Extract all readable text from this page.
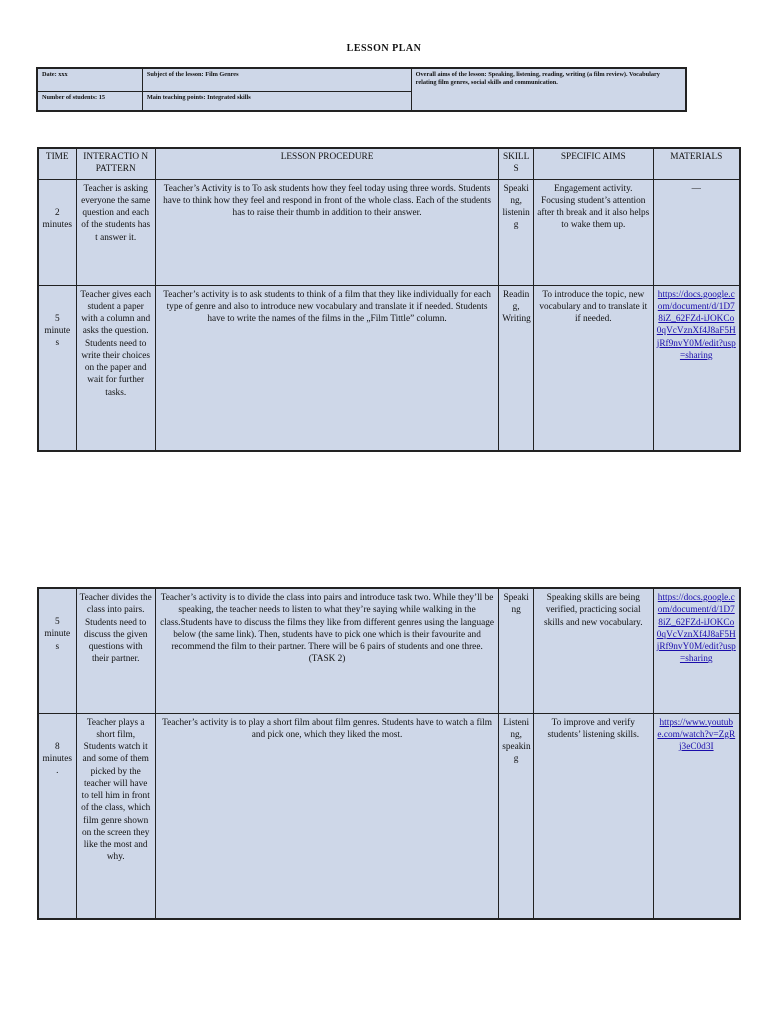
LESSON PLAN
Date: xxx	Subject of the lesson: Film Genres	Overall aims of the lesson: Speaking, listening, reading, writing (a film review). Vocabulary relating film genres, social skills and communication.
Number of students: 15	Main teaching points: Integrated skills	
TIME	INTERACTIO N PATTERN	LESSON PROCEDURE	SKILL S	SPECIFIC AIMS	MATERIALS
2 minutes	Teacher is asking everyone the same question and each of the students has t answer it.	Teacher’s Activity is to To ask students how they feel today using three words. Students have to think how they feel and respond in front of the whole class. Each of the students has to raise their thumb in addition to their answer.	Speaki ng, listenin g	Engagement activity. Focusing student’s attention after th break and it also helps to wake them up.	—
5 minute s	Teacher gives each student a paper with a column and asks the question. Students need to write their choices on the paper and wait for further tasks.	Teacher’s activity is to ask students to think of a film that they like individually for each type of genre and also to introduce new vocabulary and translate it if needed. Students have to write the names of the films in the „Film Tittle” column.	Readin g, Writing	To introduce the topic, new vocabulary and to translate it if needed.	https://docs.google.com/document/d/1D78iZ_62FZd-iJOKCo0qVcVznXf4J8aF5HjRf9nvY0M/edit?usp=sharing
5 minute s	Teacher divides the class into pairs. Students need to discuss the given questions with their partner.	Teacher’s activity is to divide the class into pairs and introduce task two. While they’ll be speaking, the teacher needs to listen to what they’re saying while walking in the class.Students have to discuss the films they like from different genres using the language below (the same link). Then, students have to pick one which is their favourite and recommend the film to their partner. There will be 6 pairs of students and one three. (TASK 2)	Speaki ng	Speaking skills are being verified, practicing social skills and new vocabulary.	https://docs.google.com/document/d/1D78iZ_62FZd-iJOKCo0qVcVznXf4J8aF5HjRf9nvY0M/edit?usp=sharing
8 minutes .	Teacher plays a short film, Students watch it and some of them picked by the teacher will have to tell him in front of the class, which film genre shown on the screen they like the most and why.	Teacher’s activity is to play a short film about film genres. Students have to watch a film and pick one, which they liked the most.	Listeni ng, speakin g	To improve and verify students’ listening skills.	https://www.youtube.com/watch?v=ZgRj3eC0d3I
